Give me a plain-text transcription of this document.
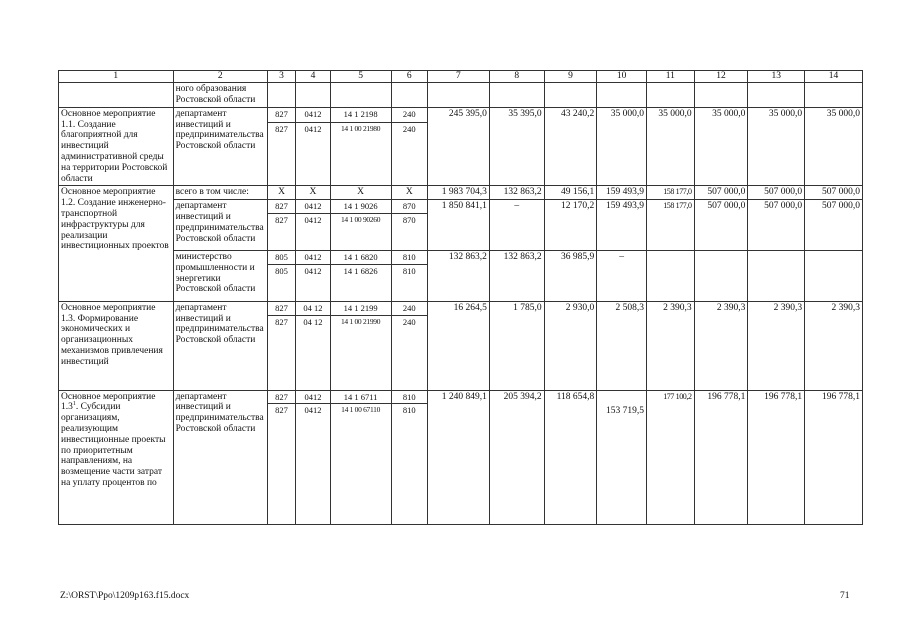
1	2	3	4	5	6	7	8	9	10	11	12	13	14
	ного образования Ростовской области												
Основное мероприятие 1.1. Создание благоприятной для инвестиций административной среды на территории Ростовской области	департамент инвестиций и предпринимательства Ростовской области	827	0412	14 1 2198	240	245 395,0	35 395,0	43 240,2	35 000,0	35 000,0	35 000,0	35 000,0	35 000,0
		827	0412	14 1 00 21980	240								
Основное мероприятие 1.2. Создание инженерно-транспортной инфраструктуры для реализации инвестиционных проектов	всего в том числе:	X	X	X	X	1 983 704,3	132 863,2	49 156,1	159 493,9	158 177,0	507 000,0	507 000,0	507 000,0
	департамент инвестиций и предпринимательства Ростовской области	827	0412	14 1 9026	870	1 850 841,1	–	12 170,2	159 493,9	158 177,0	507 000,0	507 000,0	507 000,0
		827	0412	14 1 00 90260	870								
	министерство промышленности и энергетики Ростовской области	805	0412	14 1 6820	810	132 863,2	132 863,2	36 985,9	–				
		805	0412	14 1 6826	810								
Основное мероприятие 1.3. Формирование экономических и организационных механизмов привлечения инвестиций	департамент инвестиций и предпринимательства Ростовской области	827	04 12	14 1 2199	240	16 264,5	1 785,0	2 930,0	2 508,3	2 390,3	2 390,3	2 390,3	2 390,3
		827	04 12	14 1 00 21990	240								
Основное мероприятие $1.3^1$. Субсидии организациям, реализующим инвестиционные проекты по приоритетным направлениям, на возмещение части затрат на уплату процентов по	департамент инвестиций и предпринимательства Ростовской области	827	0412	14 1 6711	810	1 240 849,1	205 394,2	118 654,8	153 719,5	177 100,2	196 778,1	196 778,1	196 778,1
		827	0412	14 1 00 67110	810								
Z:\ORST\Ppo\1209p163.f15.docx	71
